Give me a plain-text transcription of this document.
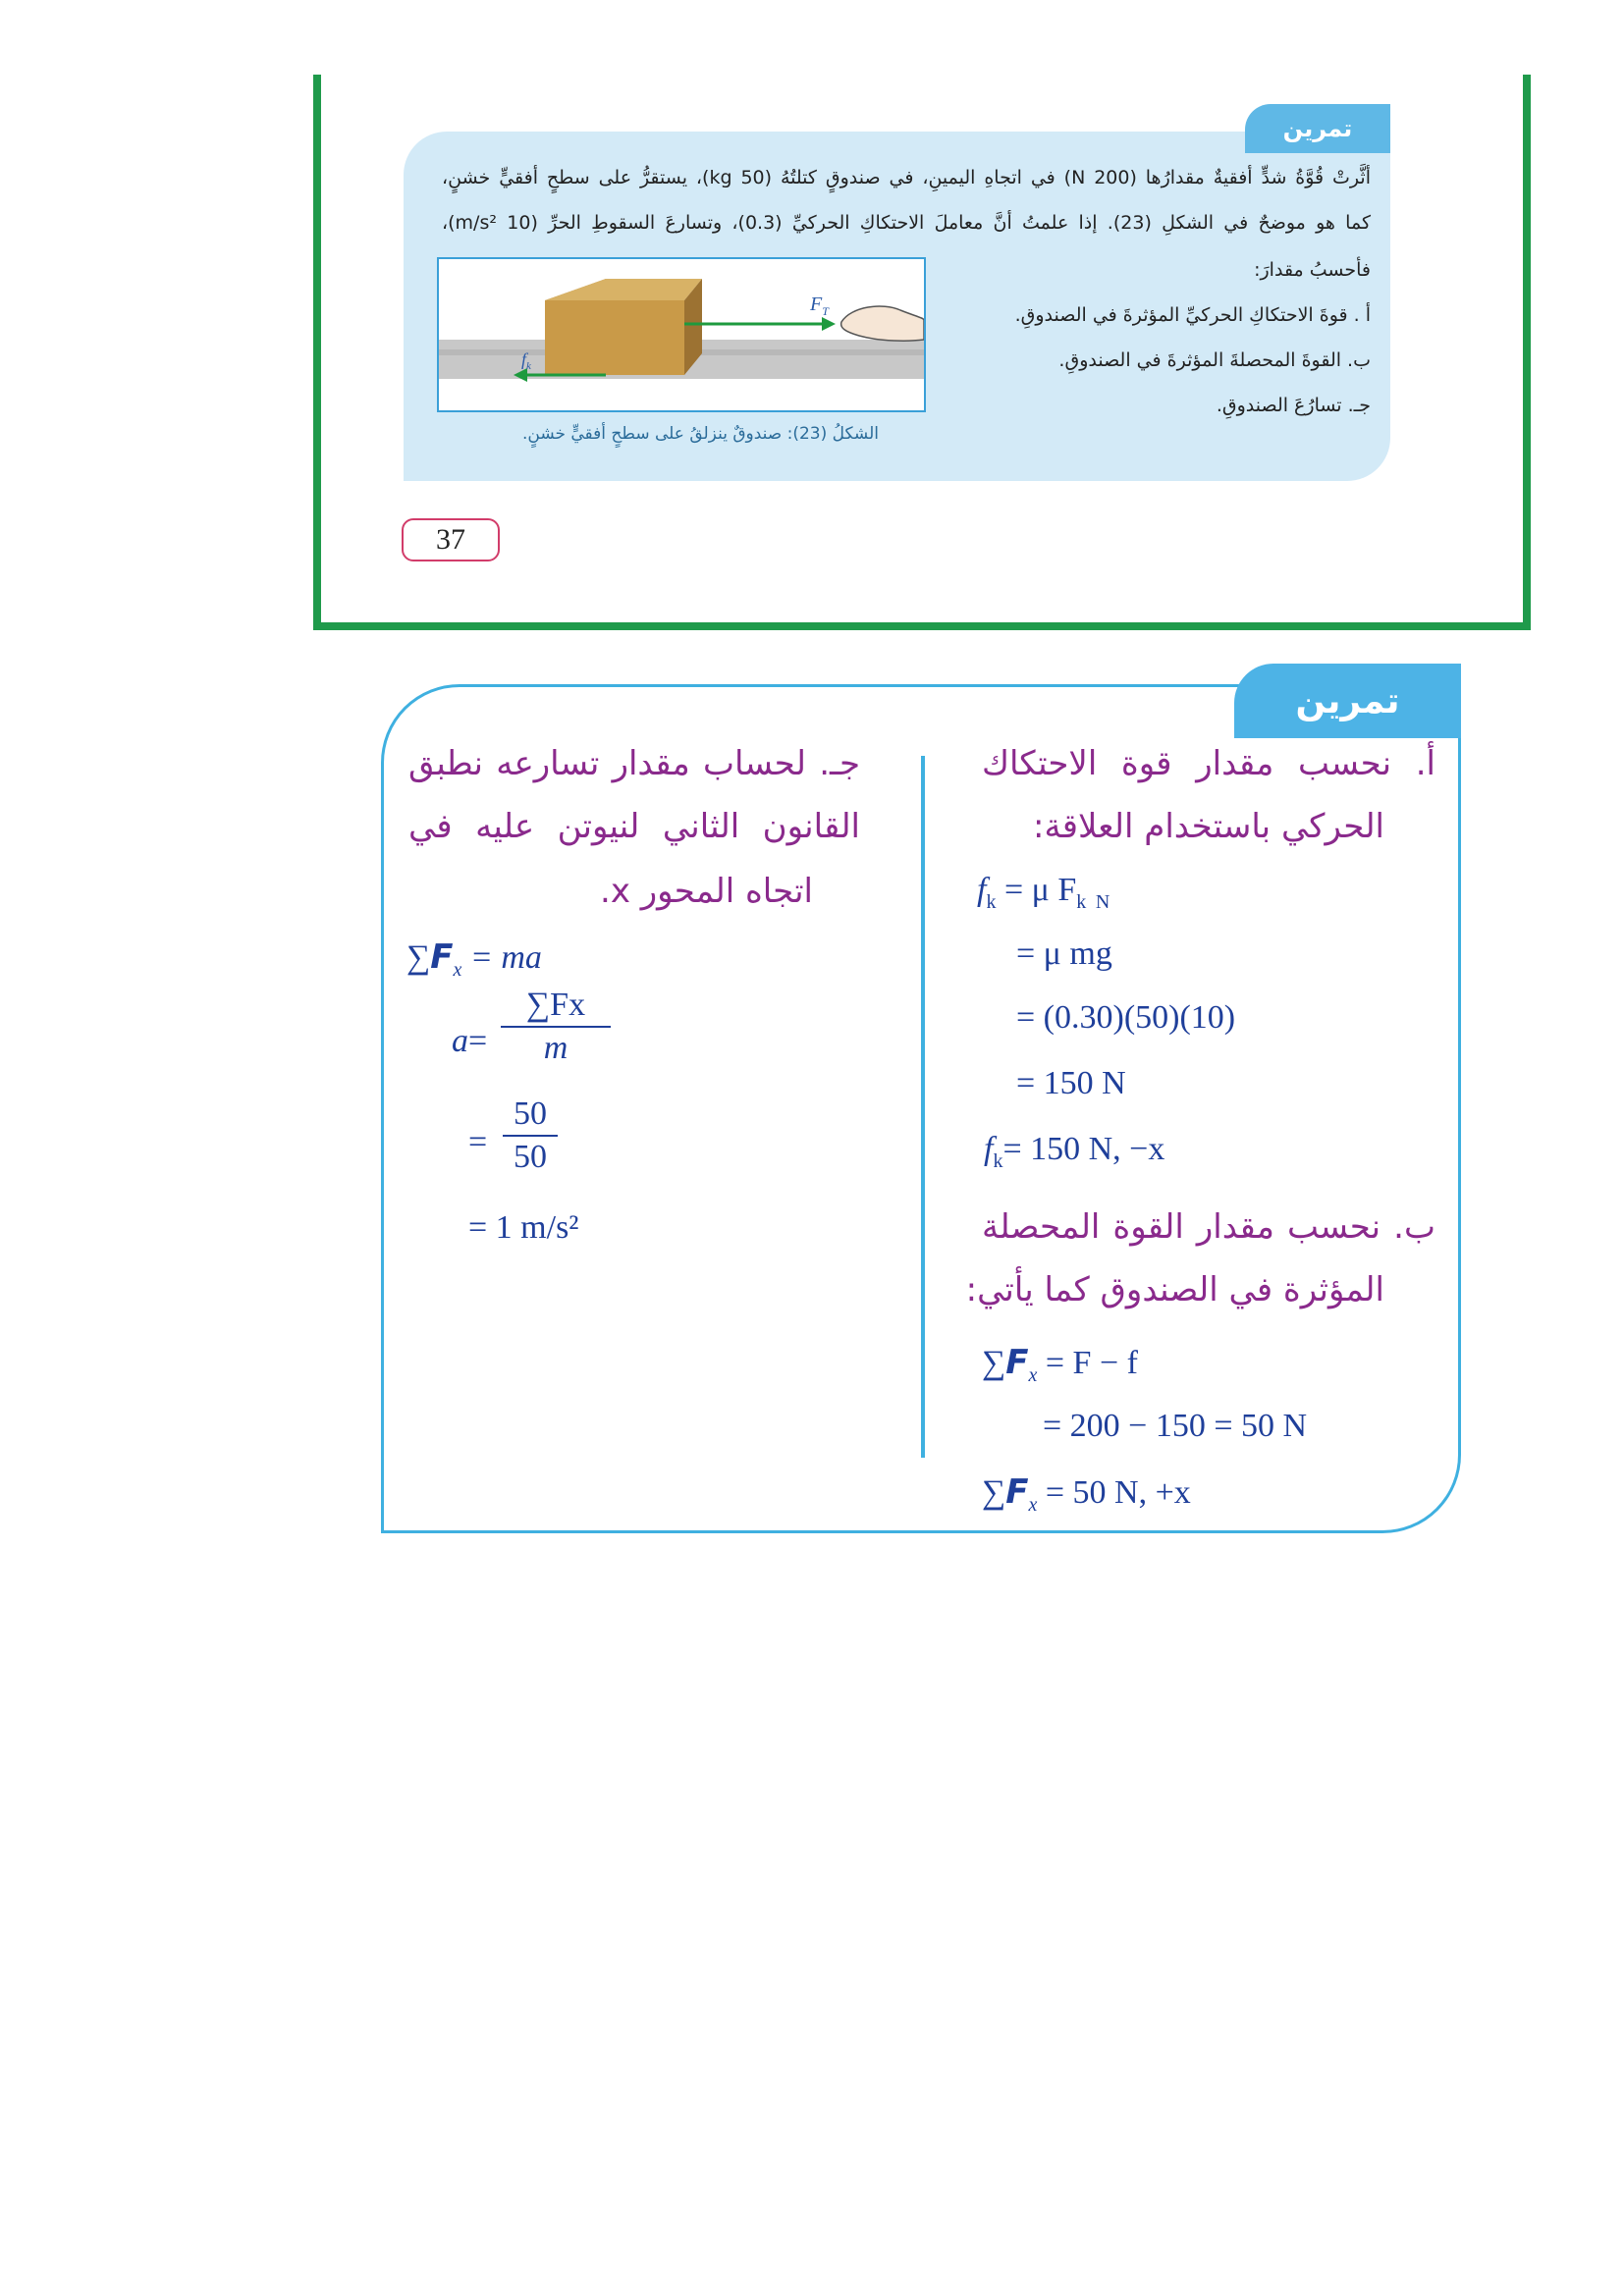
تمرين
أثَّرتْ قُوَّةُ شدٍّ أفقيةٌ مقدارُها (200 N) في اتجاهِ اليمينِ، في صندوقٍ كتلتُهُ (50 kg)، يستقرُّ على سطحٍ أفقيٍّ خشنٍ،
كما هو موضحٌ في الشكلِ (23). إذا علمتُ أنَّ معاملَ الاحتكاكِ الحركيِّ (0.3)، وتسارعَ السقوطِ الحرِّ (10 m/s²)،
فأحسبُ مقدارَ:
أ . قوةَ الاحتكاكِ الحركيِّ المؤثرةَ في الصندوقِ.
ب. القوةَ المحصلةَ المؤثرةَ في الصندوقِ.
جـ. تسارُعَ الصندوقِ.
$F_T$
$f_k$
الشكلُ (23): صندوقٌ ينزلقُ على سطحٍ أفقيٍّ خشنٍ.
37
تمرين
أ. نحسب مقدار قوة الاحتكاك
الحركي باستخدام العلاقة:
$f_k = \mu$ $F_k$ $_N$
= μ mg
= (0.30)(50)(10)
= 150 N
$f_k= 150$ N, −x
ب. نحسب مقدار القوة المحصلة
المؤثرة في الصندوق كما يأتي:
$\sum F_x = F - f$
= 200 − 150 = 50 N
$\sum F_x = 50$ N, +x
جـ. لحساب مقدار تسارعه نطبق
القانون الثاني لنيوتن عليه في
اتجاه المحور x.
$\sum F_x$ = ma
a=
∑Fx
m
=
50
50
= 1 m/s²
